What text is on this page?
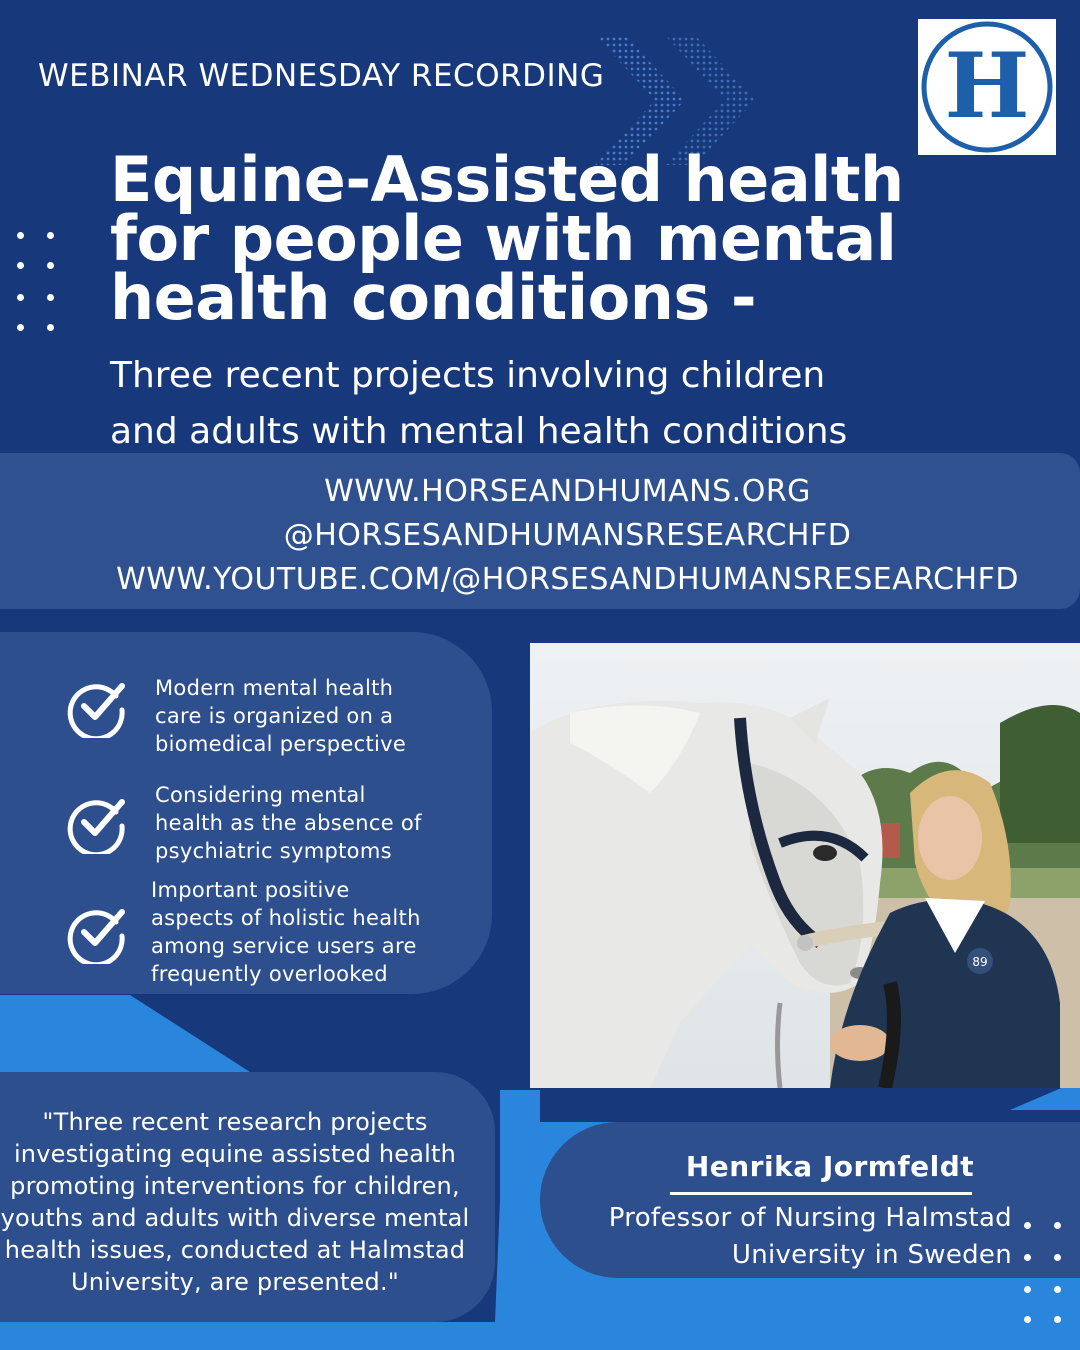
WEBINAR WEDNESDAY RECORDING	H
Equine-Assisted health
for people with mental
health conditions -
Three recent projects involving children
and adults with mental health conditions
WWW.HORSEANDHUMANS.ORG
@HORSESANDHUMANSRESEARCHFD
WWW.YOUTUBE.COM/@HORSESANDHUMANSRESEARCHFD
Modern mental health
care is organized on a
biomedical perspective
Considering mental
health as the absence of
psychiatric symptoms
Important positive
aspects of holistic health
among service users are
frequently overlooked	89
"Three recent research projects
investigating equine assisted health
promoting interventions for children,
youths and adults with diverse mental
health issues, conducted at Halmstad
University, are presented."
Henrika Jormfeldt
Professor of Nursing Halmstad
University in Sweden
